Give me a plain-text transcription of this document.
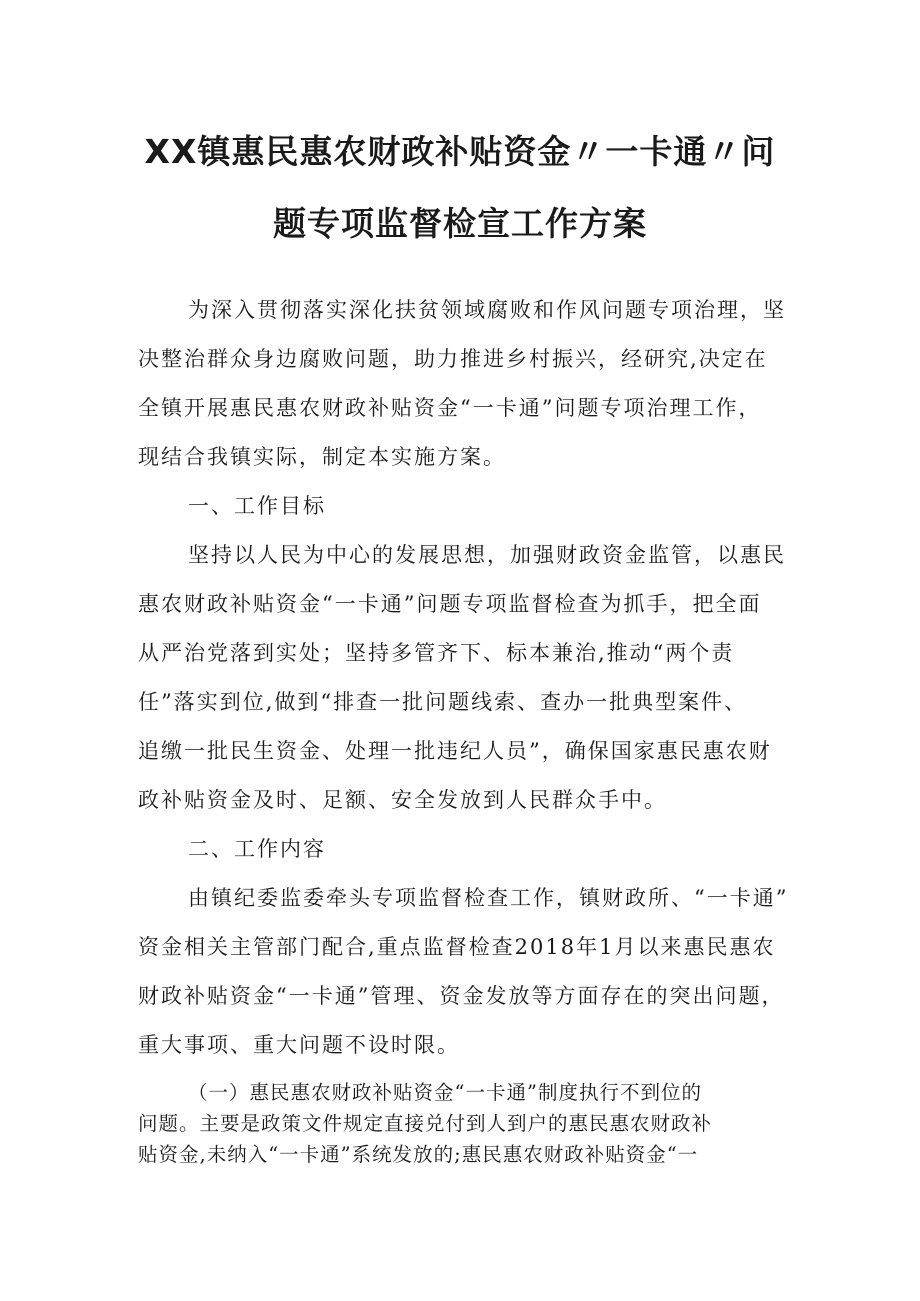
XX镇惠民惠农财政补贴资金〃一卡通〃问
题专项监督检宣工作方案
为深入贯彻落实深化扶贫领域腐败和作风问题专项治理，坚
决整治群众身边腐败问题，助力推进乡村振兴，经研究,决定在
全镇开展惠民惠农财政补贴资金“一卡通”问题专项治理工作，
现结合我镇实际，制定本实施方案。
一、工作目标
坚持以人民为中心的发展思想，加强财政资金监管，以惠民
惠农财政补贴资金“一卡通”问题专项监督检查为抓手，把全面
从严治党落到实处；坚持多管齐下、标本兼治,推动“两个责
任”落实到位,做到“排查一批问题线索、查办一批典型案件、
追缴一批民生资金、处理一批违纪人员”，确保国家惠民惠农财
政补贴资金及时、足额、安全发放到人民群众手中。
二、工作内容
由镇纪委监委牵头专项监督检查工作，镇财政所、“一卡通”
资金相关主管部门配合,重点监督检查2018年1月以来惠民惠农
财政补贴资金“一卡通”管理、资金发放等方面存在的突出问题，
重大事项、重大问题不设时限。
（一）惠民惠农财政补贴资金“一卡通”制度执行不到位的
问题。主要是政策文件规定直接兑付到人到户的惠民惠农财政补
贴资金,未纳入“一卡通”系统发放的;惠民惠农财政补贴资金“一
